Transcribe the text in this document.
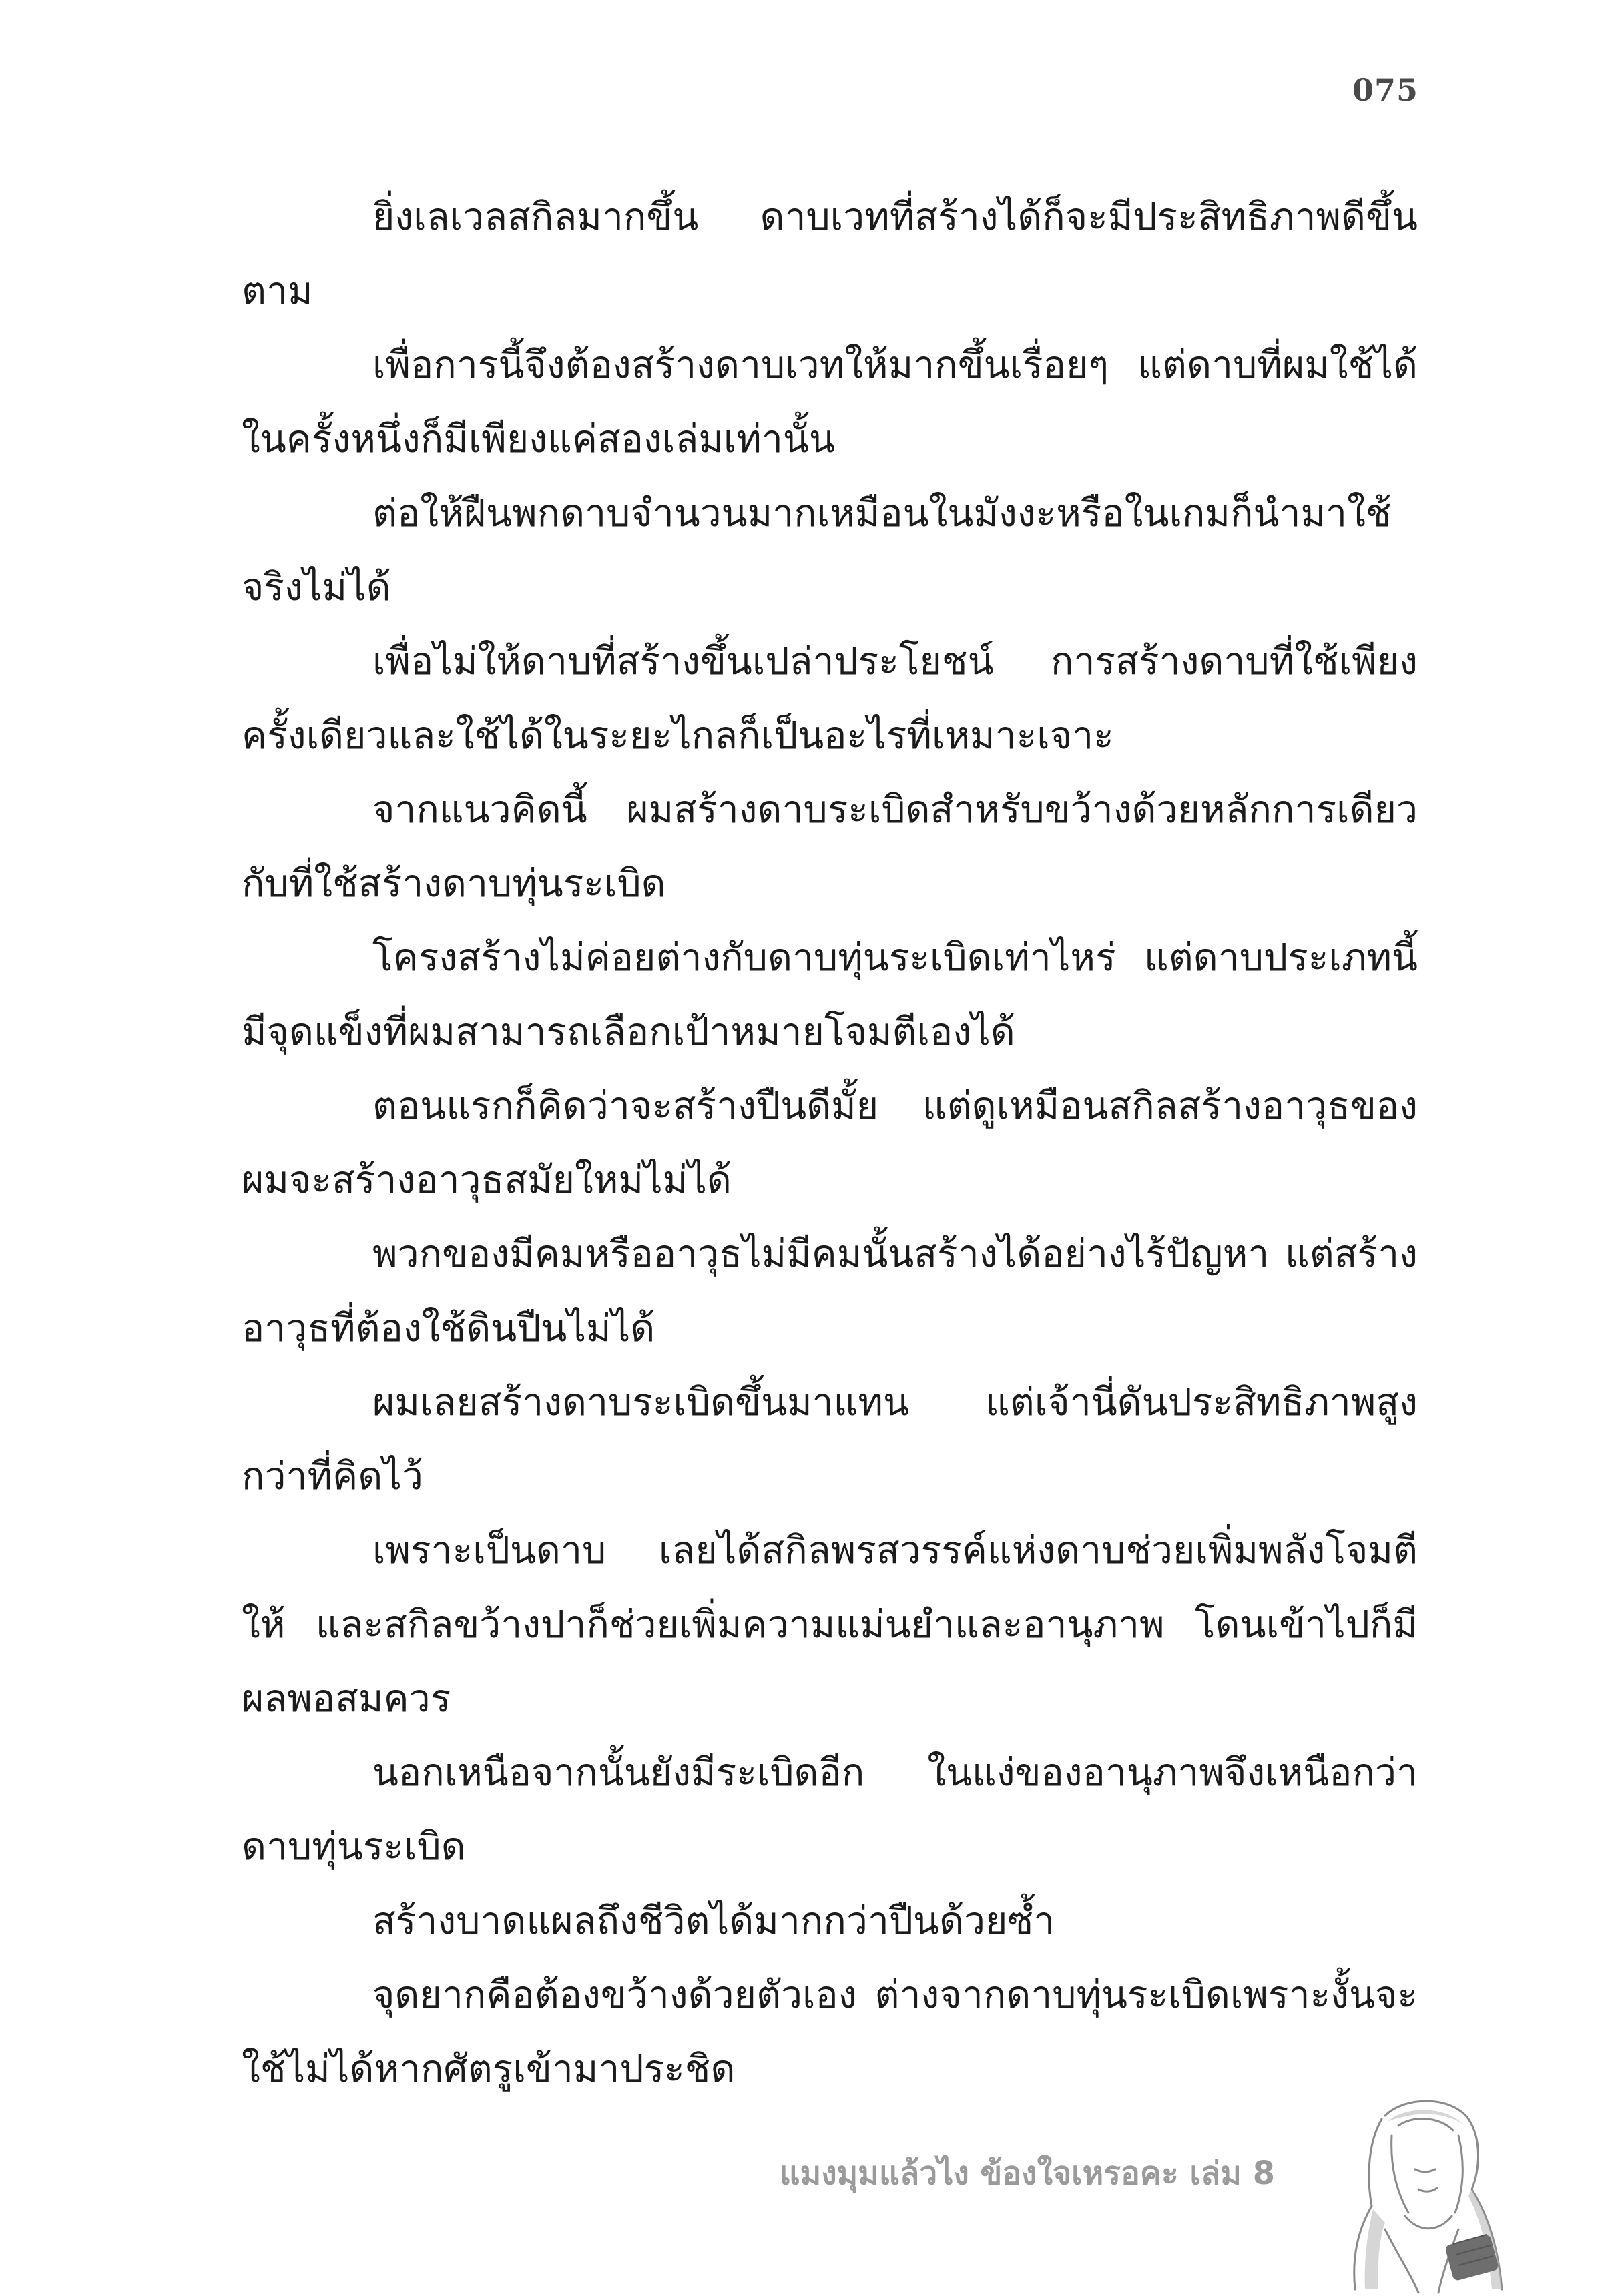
075

ยิ่งเลเวลสกิลมากขึ้น ดาบเวทที่สร้างได้ก็จะมีประสิทธิภาพดีขึ้นตาม

เพื่อการนี้จึงต้องสร้างดาบเวทให้มากขึ้นเรื่อยๆ แต่ดาบที่ผมใช้ได้ในครั้งหนึ่งก็มีเพียงแค่สองเล่มเท่านั้น

ต่อให้ฝืนพกดาบจำนวนมากเหมือนในมังงะหรือในเกมก็นำมาใช้จริงไม่ได้

เพื่อไม่ให้ดาบที่สร้างขึ้นเปล่าประโยชน์ การสร้างดาบที่ใช้เพียงครั้งเดียวและใช้ได้ในระยะไกลก็เป็นอะไรที่เหมาะเจาะ

จากแนวคิดนี้ ผมสร้างดาบระเบิดสำหรับขว้างด้วยหลักการเดียวกับที่ใช้สร้างดาบทุ่นระเบิด

โครงสร้างไม่ค่อยต่างกับดาบทุ่นระเบิดเท่าไหร่ แต่ดาบประเภทนี้มีจุดแข็งที่ผมสามารถเลือกเป้าหมายโจมตีเองได้

ตอนแรกก็คิดว่าจะสร้างปืนดีมั้ย แต่ดูเหมือนสกิลสร้างอาวุธของผมจะสร้างอาวุธสมัยใหม่ไม่ได้

พวกของมีคมหรืออาวุธไม่มีคมนั้นสร้างได้อย่างไร้ปัญหา แต่สร้างอาวุธที่ต้องใช้ดินปืนไม่ได้

ผมเลยสร้างดาบระเบิดขึ้นมาแทน แต่เจ้านี่ดันประสิทธิภาพสูงกว่าที่คิดไว้

เพราะเป็นดาบ เลยได้สกิลพรสวรรค์แห่งดาบช่วยเพิ่มพลังโจมตีให้ และสกิลขว้างปาก็ช่วยเพิ่มความแม่นยำและอานุภาพ โดนเข้าไปก็มีผลพอสมควร

นอกเหนือจากนั้นยังมีระเบิดอีก ในแง่ของอานุภาพจึงเหนือกว่าดาบทุ่นระเบิด

สร้างบาดแผลถึงชีวิตได้มากกว่าปืนด้วยซ้ำ

จุดยากคือต้องขว้างด้วยตัวเอง ต่างจากดาบทุ่นระเบิดเพราะงั้นจะใช้ไม่ได้หากศัตรูเข้ามาประชิด

แมงมุมแล้วไง ข้องใจเหรอคะ เล่ม 8
